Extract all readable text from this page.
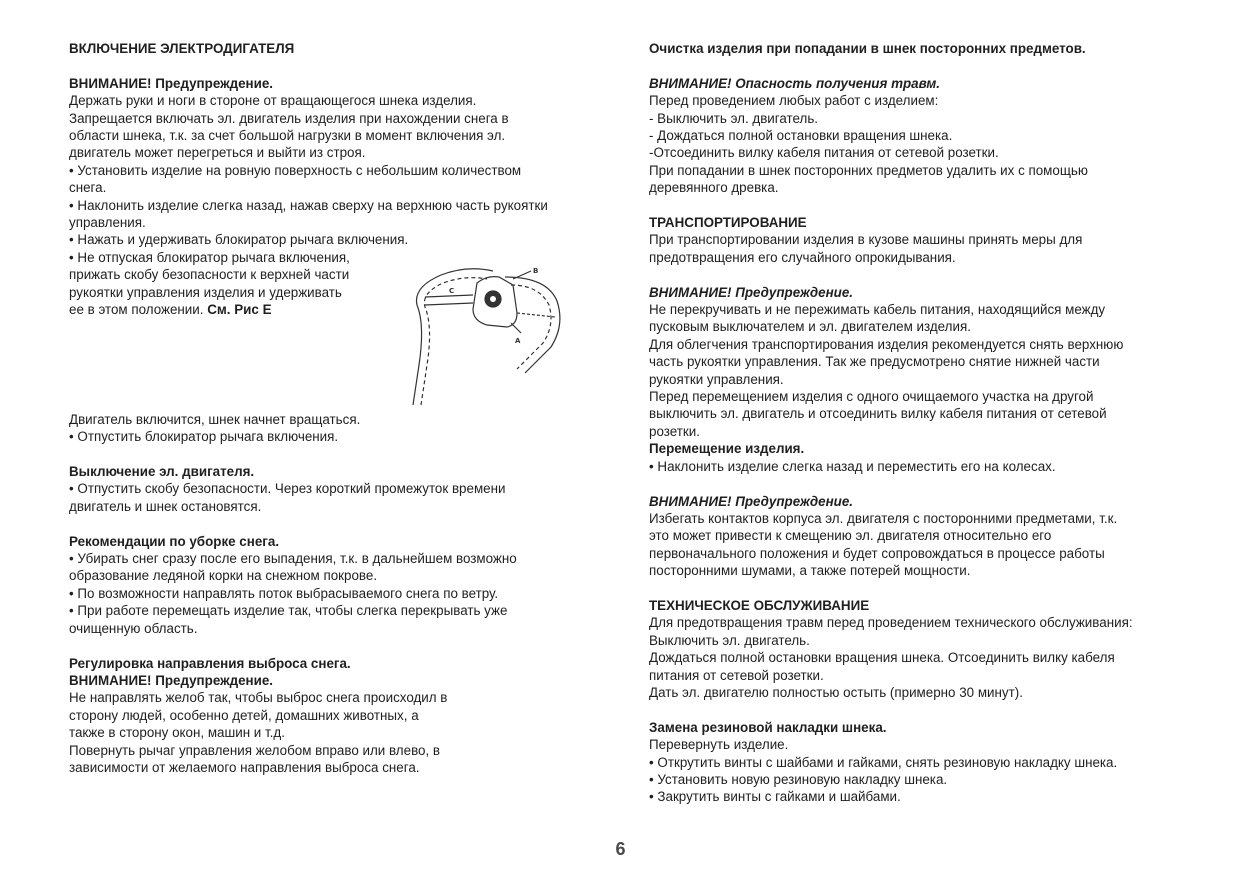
ВКЛЮЧЕНИЕ ЭЛЕКТРОДИГАТЕЛЯ

ВНИМАНИЕ! Предупреждение.

Держать руки и ноги в стороне от вращающегося шнека изделия.

Запрещается включать эл. двигатель изделия при нахождении снега в

области шнека, т.к. за счет большой нагрузки в момент включения эл.

двигатель может перегреться и выйти из строя.

• Установить изделие на ровную поверхность с небольшим количеством

снега.

• Наклонить изделие слегка назад, нажав сверху на верхнюю часть рукоятки

управления.

• Нажать и удерживать блокиратор рычага включения.

• Не отпуская блокиратор рычага включения,

прижать скобу безопасности к верхней части

рукоятки управления изделия и удерживать

ее в этом положении. См. Рис Е

B
C
A

Двигатель включится, шнек начнет вращаться.

• Отпустить блокиратор рычага включения.

Выключение эл. двигателя.

• Отпустить скобу безопасности. Через короткий промежуток времени

двигатель и шнек остановятся.

Рекомендации по уборке снега.

• Убирать снег сразу после его выпадения, т.к. в дальнейшем возможно

образование ледяной корки на снежном покрове.

• По возможности направлять поток выбрасываемого снега по ветру.

• При работе перемещать изделие так, чтобы слегка перекрывать уже

очищенную область.

Регулировка направления выброса снега.

ВНИМАНИЕ! Предупреждение.

Не направлять желоб так, чтобы выброс снега происходил в

сторону людей, особенно детей, домашних животных, а

также в сторону окон, машин и т.д.

Повернуть рычаг управления желобом вправо или влево, в

зависимости от желаемого направления выброса снега.

Очистка изделия при попадании в шнек посторонних предметов.

ВНИМАНИЕ! Опасность получения травм.

Перед проведением любых работ с изделием:

- Выключить эл. двигатель.

- Дождаться полной остановки вращения шнека.

-Отсоединить вилку кабеля питания от сетевой розетки.

При попадании в шнек посторонних предметов удалить их с помощью

деревянного древка.

ТРАНСПОРТИРОВАНИЕ

При транспортировании изделия в кузове машины принять меры для

предотвращения его случайного опрокидывания.

ВНИМАНИЕ! Предупреждение.

Не перекручивать и не пережимать кабель питания, находящийся между

пусковым выключателем и эл. двигателем изделия.

Для облегчения транспортирования изделия рекомендуется снять верхнюю

часть рукоятки управления. Так же предусмотрено снятие нижней части

рукоятки управления.

Перед перемещением изделия с одного очищаемого участка на другой

выключить эл. двигатель и отсоединить вилку кабеля питания от сетевой

розетки.

Перемещение изделия.

• Наклонить изделие слегка назад и переместить его на колесах.

ВНИМАНИЕ! Предупреждение.

Избегать контактов корпуса эл. двигателя с посторонними предметами, т.к.

это может привести к смещению эл. двигателя относительно его

первоначального положения и будет сопровождаться в процессе работы

посторонними шумами, а также потерей мощности.

ТЕХНИЧЕСКОЕ ОБСЛУЖИВАНИЕ

Для предотвращения травм перед проведением технического обслуживания:

Выключить эл. двигатель.

Дождаться полной остановки вращения шнека. Отсоединить вилку кабеля

питания от сетевой розетки.

Дать эл. двигателю полностью остыть (примерно 30 минут).

Замена резиновой накладки шнека.

Перевернуть изделие.

• Открутить винты с шайбами и гайками, снять резиновую накладку шнека.

• Установить новую резиновую накладку шнека.

• Закрутить винты с гайками и шайбами.

6
